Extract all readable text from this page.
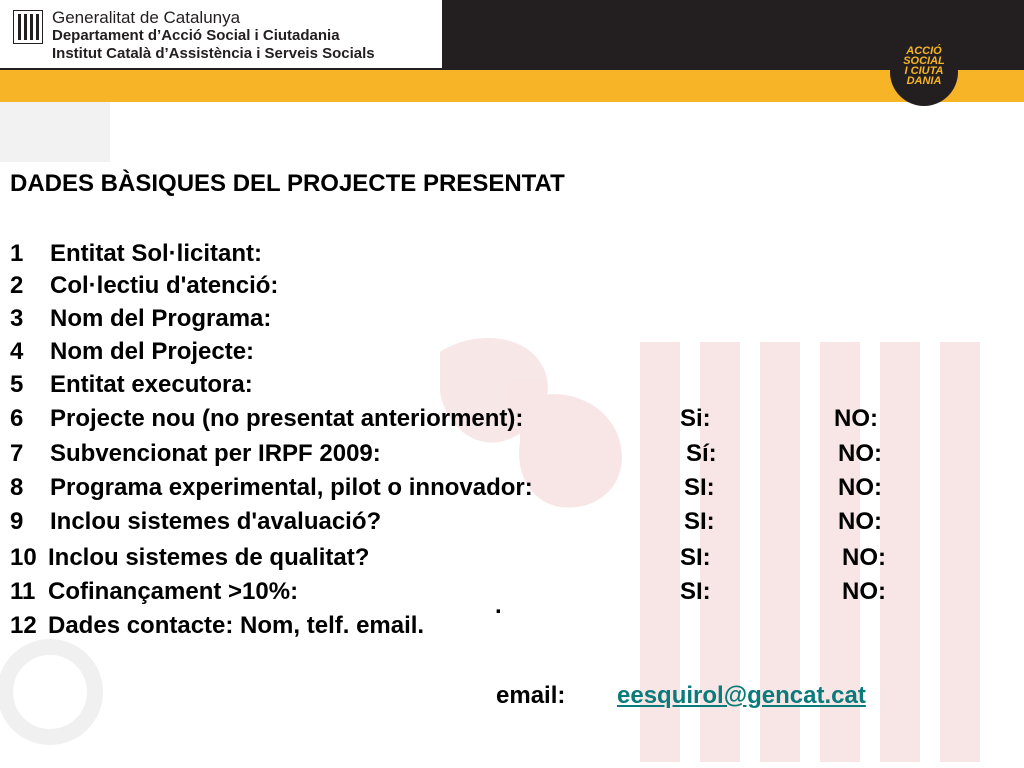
Generalitat de Catalunya
Departament d’Acció Social i Ciutadania
Institut Català d’Assistència i Serveis Socials	ACCIÓ
SOCIAL
I CIUTA
DANIA
DADES BÀSIQUES DEL PROJECTE PRESENTAT
1 Entitat Sol·licitant:
2 Col·lectiu d'atenció:
3 Nom del Programa:
4 Nom del Projecte:
5 Entitat executora:
6 Projecte nou (no presentat anteriorment):	Si:	NO:
7 Subvencionat per IRPF 2009:	Sí:	NO:
8 Programa experimental, pilot o innovador:	SI:	NO:
9 Inclou sistemes d'avaluació?	SI:	NO:
10 Inclou sistemes de qualitat?	SI:	NO:
11 Cofinançament >10%:	SI:	NO:
12 Dades contacte: Nom, telf. email.
.
email: eesquirol@gencat.cat
